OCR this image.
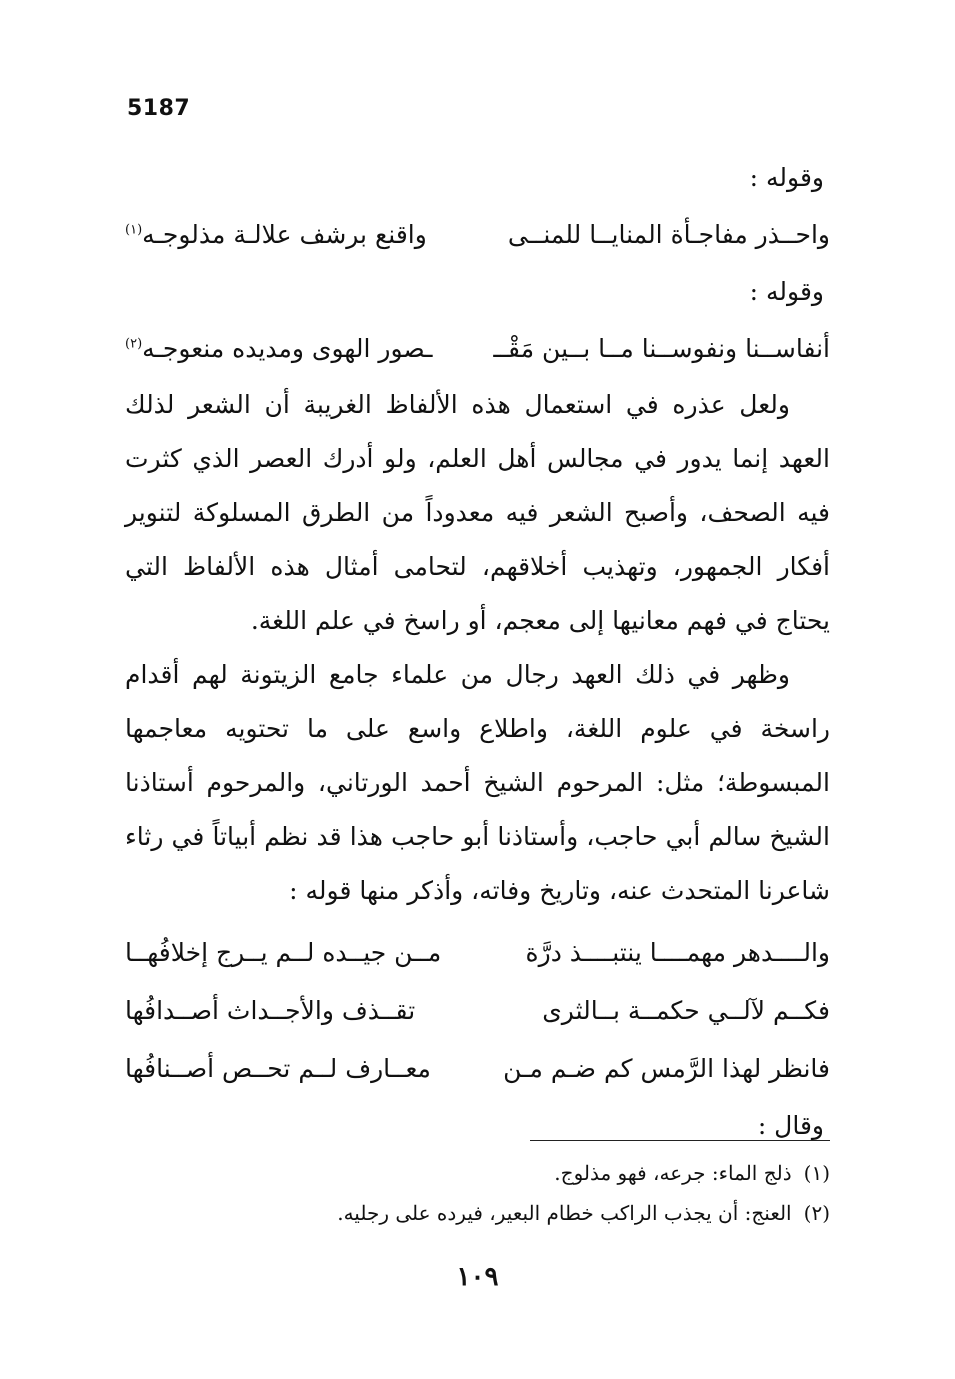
5187
وقوله :
واحــذر مفاجـأة المنايــا للمنــى
واقنع برشف علالـة مذلوجـه$^{(١)}$
وقوله :
أنفاســنا ونفوســنا مــا بــين مَقْــ
ـصور الهوى ومديده منعوجـه$^{(٢)}$

ولعل عذره في استعمال هذه الألفاظ الغريبة أن الشعر لذلك العهد إنما يدور في مجالس أهل العلم، ولو أدرك العصر الذي كثرت فيه الصحف، وأصبح الشعر فيه معدوداً من الطرق المسلوكة لتنوير أفكار الجمهور، وتهذيب أخلاقهم، لتحامى أمثال هذه الألفاظ التي يحتاج في فهم معانيها إلى معجم، أو راسخ في علم اللغة.

وظهر في ذلك العهد رجال من علماء جامع الزيتونة لهم أقدام راسخة في علوم اللغة، واطلاع واسع على ما تحتويه معاجمها المبسوطة؛ مثل: المرحوم الشيخ أحمد الورتاني، والمرحوم أستاذنا الشيخ سالم أبي حاجب، وأستاذنا أبو حاجب هذا قد نظم أبياتاً في رثاء شاعرنا المتحدث عنه، وتاريخ وفاته، وأذكر منها قوله :

والــــدهر مهمــــا ينتبــــذ درَّة
مــن جيــده لــم يــرج إخلافُهــا
فكــم لآلــي حكمــة بــالثرى
تقــذف والأجــداث أصــدافُها
فانظر لهذا الرَّمس كم ضـم مـن
معــارف لــم تحــص أصــنافُها
وقال :
(١)ذلج الماء: جرعه، فهو مذلوج.
(٢)العنج: أن يجذب الراكب خطام البعير، فيرده على رجليه.
١٠٩
